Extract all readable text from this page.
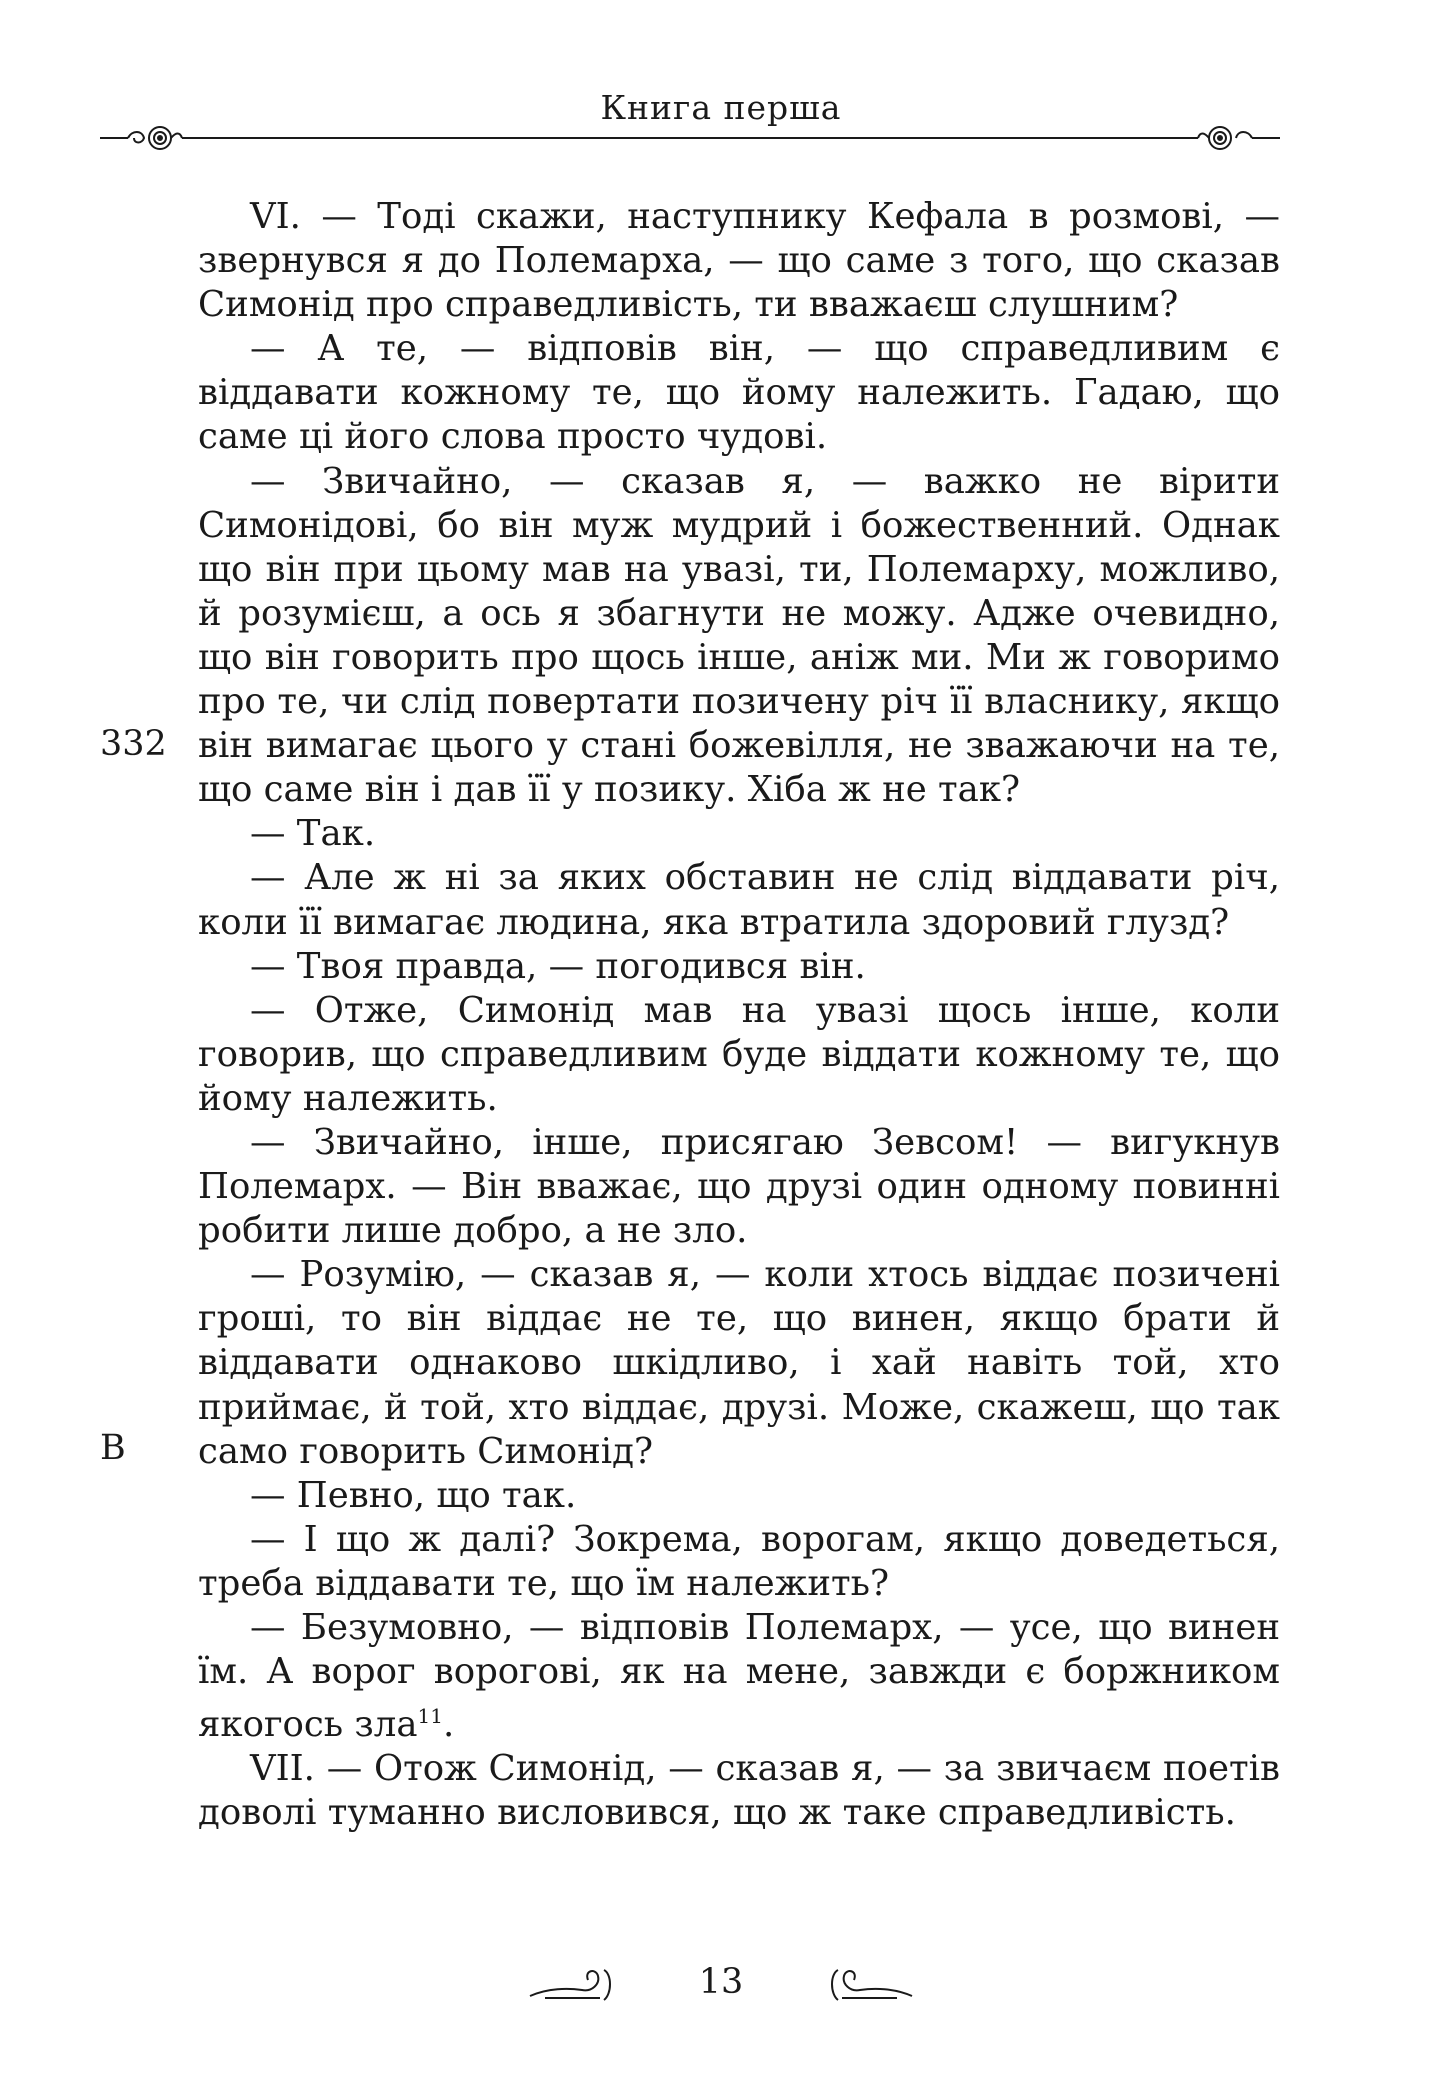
Книга перша

VI. — Тоді скажи, наступнику Кефала в розмові, — звернувся я до Полемарха, — що саме з того, що сказав Симонід про справедливість, ти вважаєш слушним?

— А те, — відповів він, — що справедливим є віддавати кожному те, що йому належить. Гадаю, що саме ці його слова просто чудові.

— Звичайно, — сказав я, — важко не вірити Симонідові, бо він муж мудрий і божественний. Однак що він при цьому мав на увазі, ти, Полемарху, можливо, й розумієш, а ось я збагнути не можу. Адже очевидно, що він говорить про щось інше, аніж ми. Ми ж говоримо про те, чи слід повертати позичену річ її власнику, якщо він вимагає цього у стані божевілля, не зважаючи на те, що саме він і дав її у позику. Хіба ж не так?

— Так.

— Але ж ні за яких обставин не слід віддавати річ, коли її вимагає людина, яка втратила здоровий глузд?

— Твоя правда, — погодився він.

— Отже, Симонід мав на увазі щось інше, коли говорив, що справедливим буде віддати кожному те, що йому належить.

— Звичайно, інше, присягаю Зевсом! — вигукнув Полемарх. — Він вважає, що друзі один одному повинні робити лише добро, а не зло.

— Розумію, — сказав я, — коли хтось віддає позичені гроші, то він віддає не те, що винен, якщо брати й віддавати однаково шкідливо, і хай навіть той, хто приймає, й той, хто віддає, друзі. Може, скажеш, що так само говорить Симонід?

— Певно, що так.

— І що ж далі? Зокрема, ворогам, якщо доведеться, треба віддавати те, що їм належить?

— Безумовно, — відповів Полемарх, — усе, що винен їм. А ворог ворогові, як на мене, завжди є боржником якогось зла$^{11}$.

VII. — Отож Симонід, — сказав я, — за звичаєм поетів доволі туманно висловився, що ж таке справедливість.

332
B
13
